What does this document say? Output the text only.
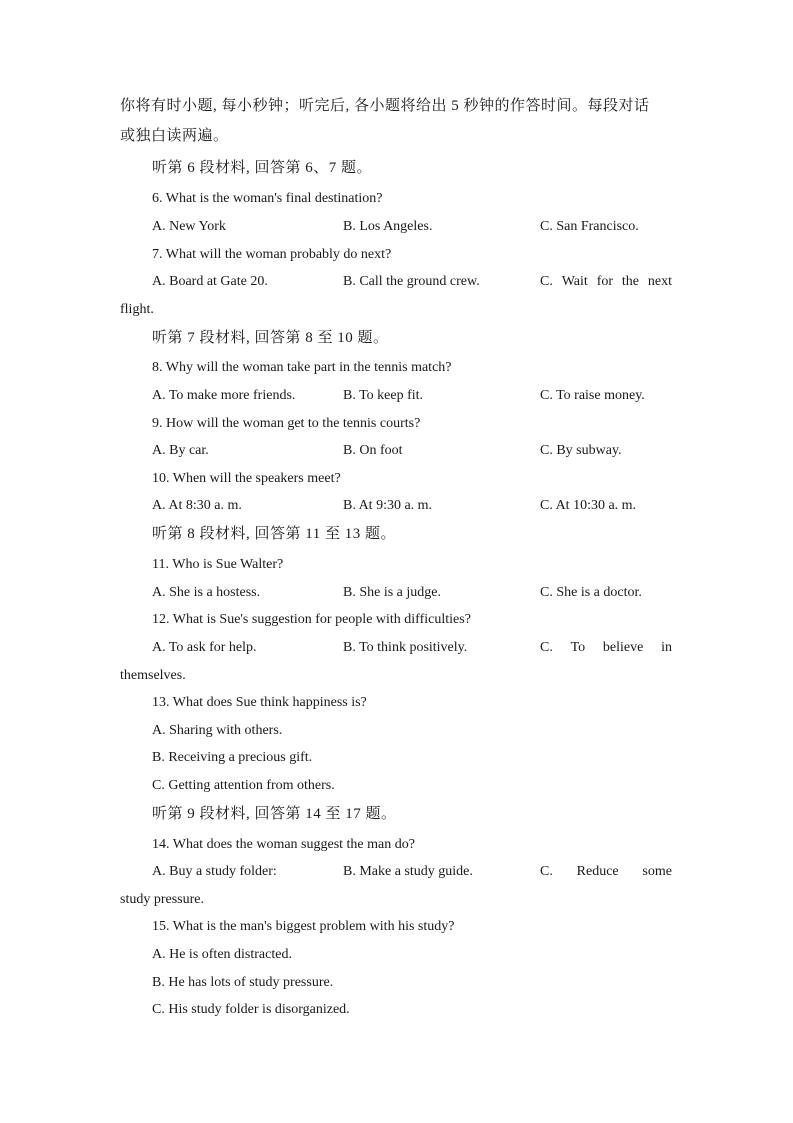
你将有时小题, 每小秒钟；听完后, 各小题将给出 5 秒钟的作答时间。每段对话
或独白读两遍。
听第 6 段材料, 回答第 6、7 题。
6. What is the woman's final destination?
A. New York	B. Los Angeles.	C. San Francisco.
7. What will the woman probably do next?
A. Board at Gate 20.	B. Call the ground crew.	C. Wait for the next
flight.
听第 7 段材料, 回答第 8 至 10 题。
8. Why will the woman take part in the tennis match?
A. To make more friends.	B. To keep fit.	C. To raise money.
9. How will the woman get to the tennis courts?
A. By car.	B. On foot	C. By subway.
10. When will the speakers meet?
A. At 8:30 a. m.	B. At 9:30 a. m.	C. At 10:30 a. m.
听第 8 段材料, 回答第 11 至 13 题。
11. Who is Sue Walter?
A. She is a hostess.	B. She is a judge.	C. She is a doctor.
12. What is Sue's suggestion for people with difficulties?
A. To ask for help.	B. To think positively.	C. To believe in
themselves.
13. What does Sue think happiness is?
A. Sharing with others.
B. Receiving a precious gift.
C. Getting attention from others.
听第 9 段材料, 回答第 14 至 17 题。
14. What does the woman suggest the man do?
A. Buy a study folder:	B. Make a study guide.	C. Reduce some
study pressure.
15. What is the man's biggest problem with his study?
A. He is often distracted.
B. He has lots of study pressure.
C. His study folder is disorganized.
